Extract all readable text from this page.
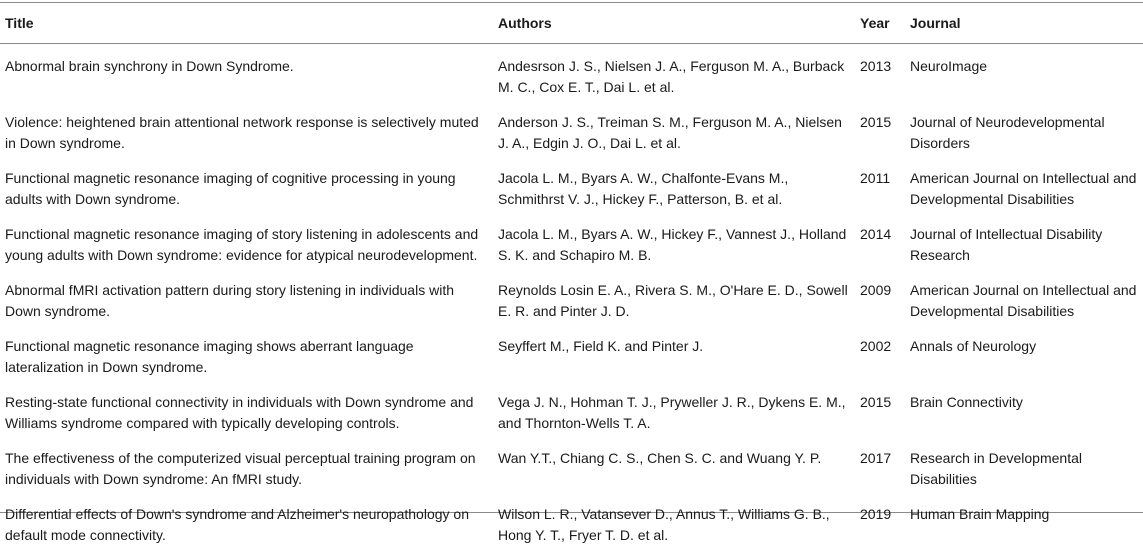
Title	Authors	Year	Journal
Abnormal brain synchrony in Down Syndrome.	Andesrson J. S., Nielsen J. A., Ferguson M. A., Burback M. C., Cox E. T., Dai L. et al.	2013	NeuroImage
Violence: heightened brain attentional network response is selectively muted in Down syndrome.	Anderson J. S., Treiman S. M., Ferguson M. A., Nielsen J. A., Edgin J. O., Dai L. et al.	2015	Journal of Neurodevelopmental Disorders
Functional magnetic resonance imaging of cognitive processing in young adults with Down syndrome.	Jacola L. M., Byars A. W., Chalfonte-Evans M., Schmithrst V. J., Hickey F., Patterson, B. et al.	2011	American Journal on Intellectual and Developmental Disabilities
Functional magnetic resonance imaging of story listening in adolescents and young adults with Down syndrome: evidence for atypical neurodevelopment.	Jacola L. M., Byars A. W., Hickey F., Vannest J., Holland S. K. and Schapiro M. B.	2014	Journal of Intellectual Disability Research
Abnormal fMRI activation pattern during story listening in individuals with Down syndrome.	Reynolds Losin E. A., Rivera S. M., O'Hare E. D., Sowell E. R. and Pinter J. D.	2009	American Journal on Intellectual and Developmental Disabilities
Functional magnetic resonance imaging shows aberrant language lateralization in Down syndrome.	Seyffert M., Field K. and Pinter J.	2002	Annals of Neurology
Resting-state functional connectivity in individuals with Down syndrome and Williams syndrome compared with typically developing controls.	Vega J. N., Hohman T. J., Pryweller J. R., Dykens E. M., and Thornton-Wells T. A.	2015	Brain Connectivity
The effectiveness of the computerized visual perceptual training program on individuals with Down syndrome: An fMRI study.	Wan Y.T., Chiang C. S., Chen S. C. and Wuang Y. P.	2017	Research in Developmental Disabilities
Differential effects of Down's syndrome and Alzheimer's neuropathology on default mode connectivity.	Wilson L. R., Vatansever D., Annus T., Williams G. B., Hong Y. T., Fryer T. D. et al.	2019	Human Brain Mapping
